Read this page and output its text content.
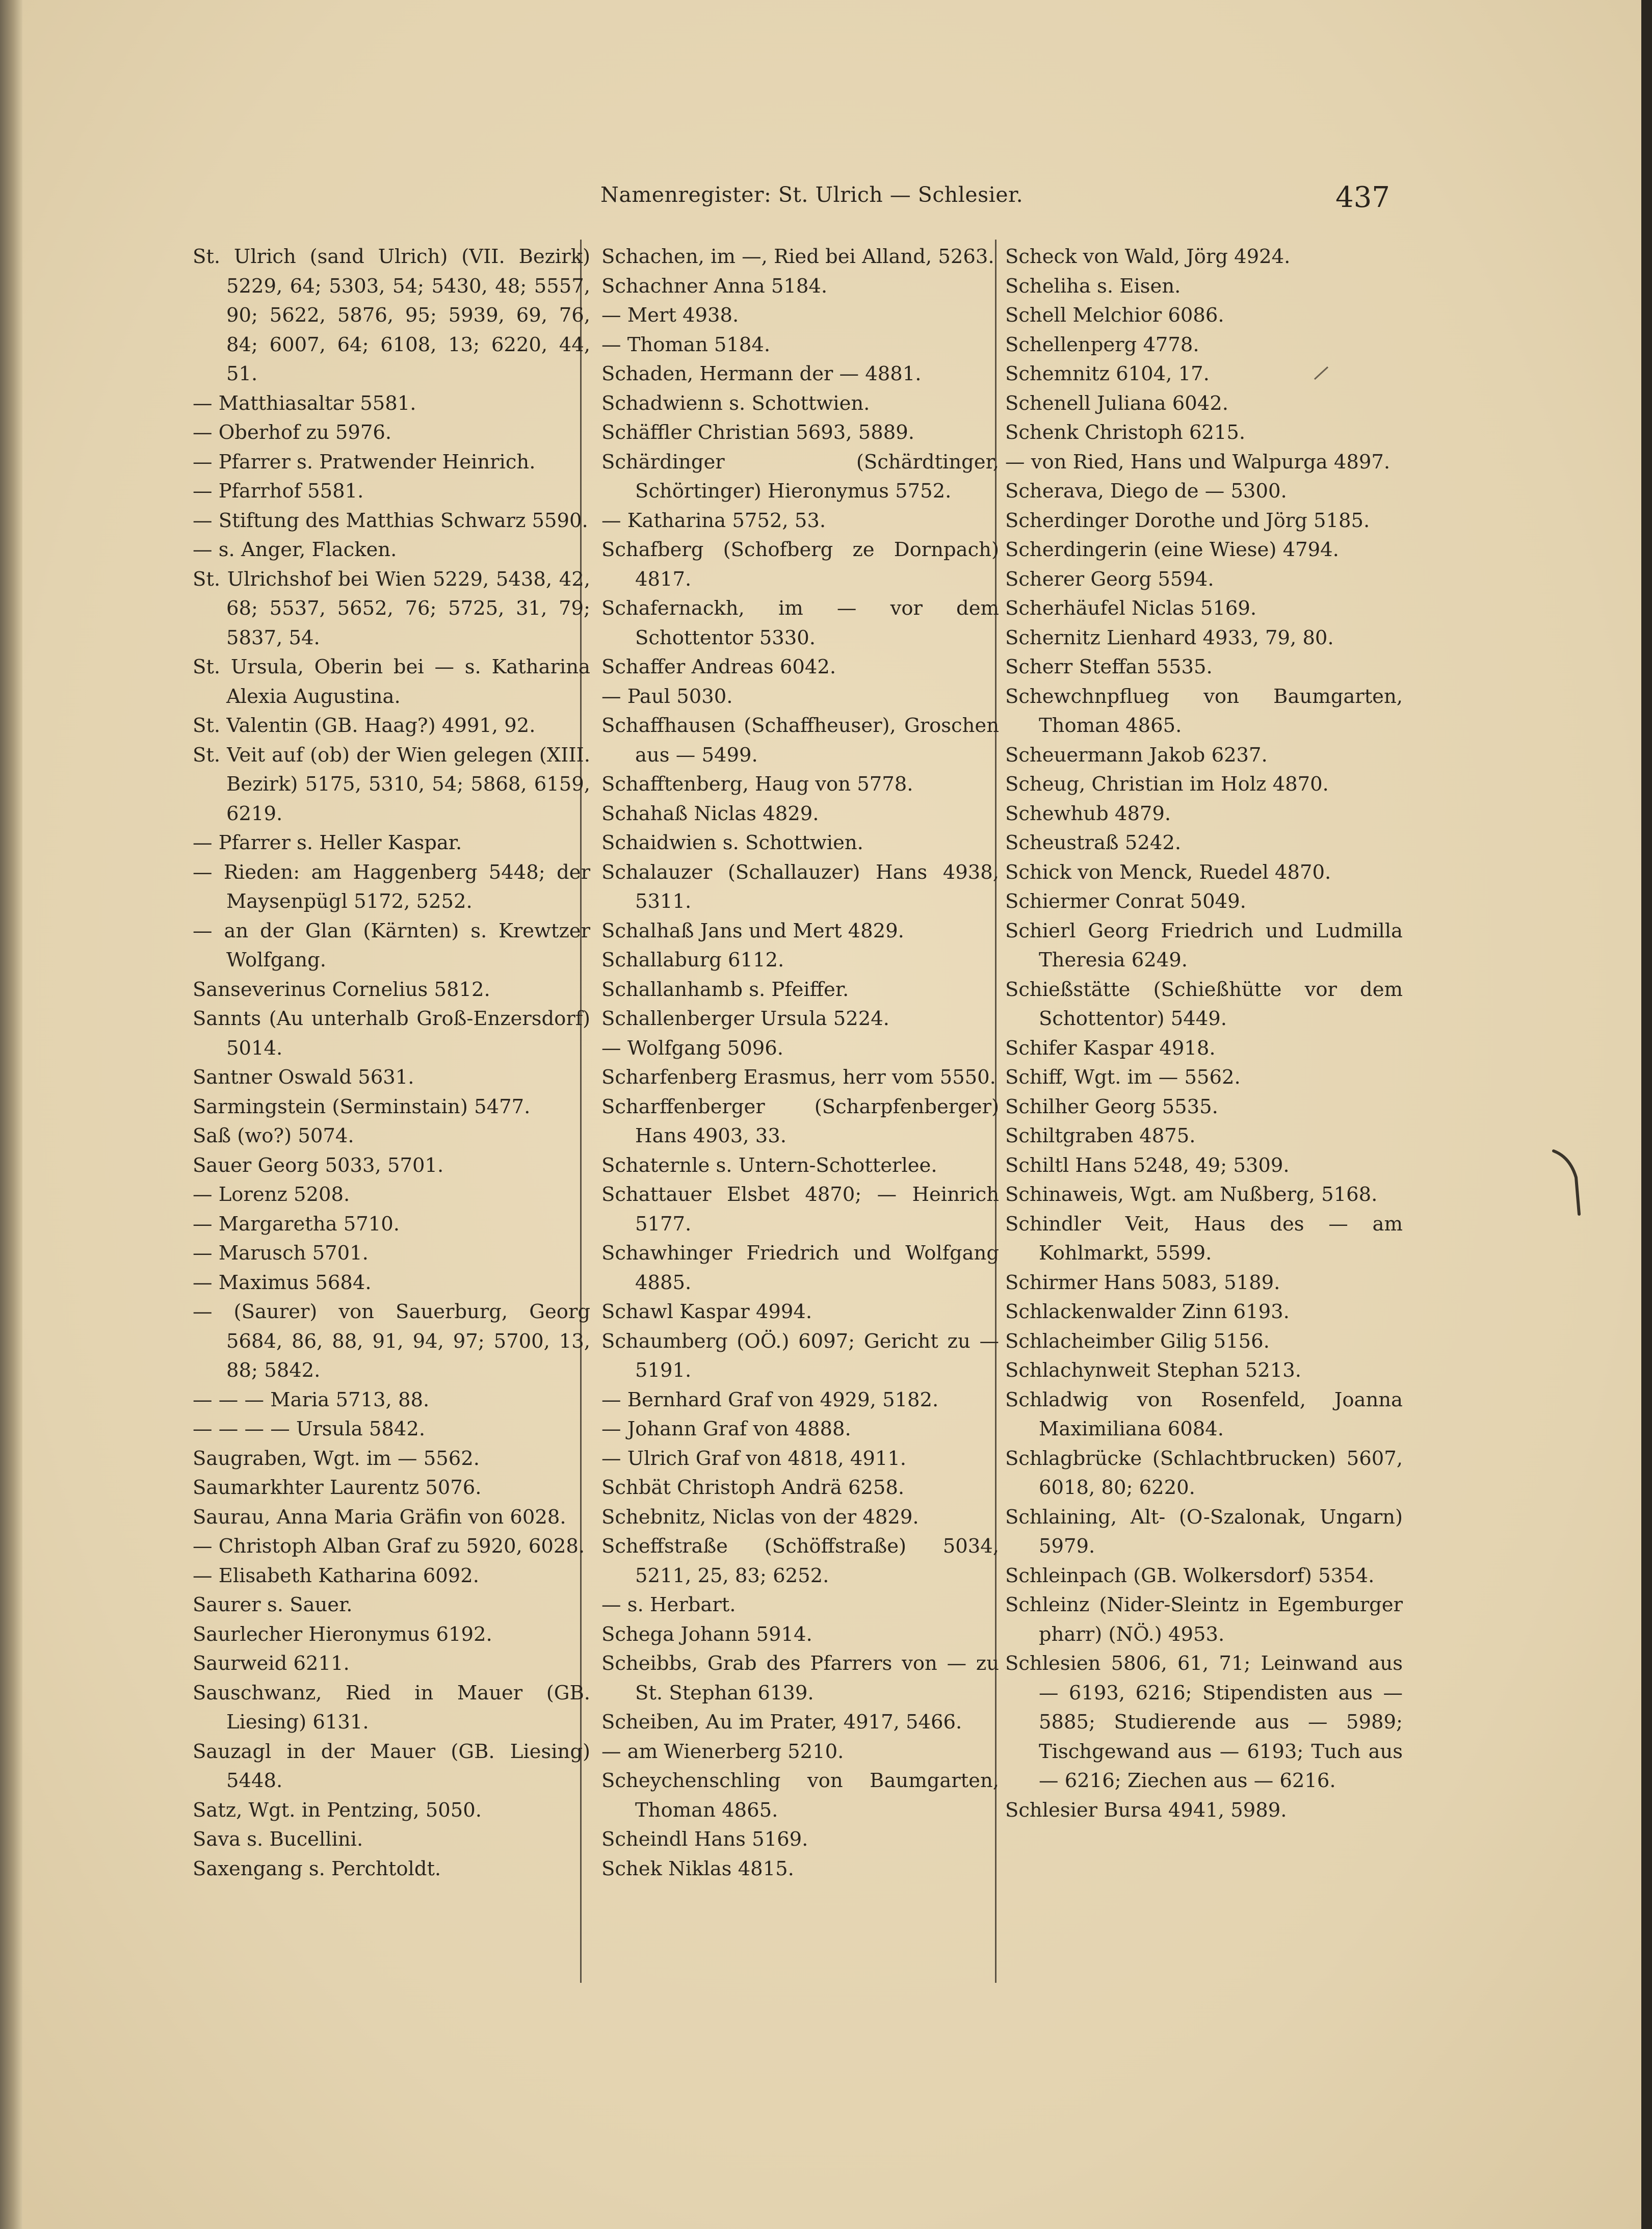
Namenregister: St. Ulrich — Schlesier.	437

St. Ulrich (sand Ulrich) (VII. Bezirk) 5229, 64; 5303, 54; 5430, 48; 5557, 90; 5622, 5876, 95; 5939, 69, 76, 84; 6007, 64; 6108, 13; 6220, 44, 51.

— Matthiasaltar 5581.

— Oberhof zu 5976.

— Pfarrer s. Pratwender Heinrich.

— Pfarrhof 5581.

— Stiftung des Matthias Schwarz 5590.

— s. Anger, Flacken.

St. Ulrichshof bei Wien 5229, 5438, 42, 68; 5537, 5652, 76; 5725, 31, 79; 5837, 54.

St. Ursula, Oberin bei — s. Katharina Alexia Augustina.

St. Valentin (GB. Haag?) 4991, 92.

St. Veit auf (ob) der Wien gelegen (XIII. Bezirk) 5175, 5310, 54; 5868, 6159, 6219.

— Pfarrer s. Heller Kaspar.

— Rieden: am Haggenberg 5448; der Maysenpügl 5172, 5252.

— an der Glan (Kärnten) s. Krewtzer Wolfgang.

Sanseverinus Cornelius 5812.

Sannts (Au unterhalb Groß-Enzersdorf) 5014.

Santner Oswald 5631.

Sarmingstein (Serminstain) 5477.

Saß (wo?) 5074.

Sauer Georg 5033, 5701.

— Lorenz 5208.

— Margaretha 5710.

— Marusch 5701.

— Maximus 5684.

— (Saurer) von Sauerburg, Georg 5684, 86, 88, 91, 94, 97; 5700, 13, 88; 5842.

— — — Maria 5713, 88.

— — — — Ursula 5842.

Saugraben, Wgt. im — 5562.

Saumarkhter Laurentz 5076.

Saurau, Anna Maria Gräfin von 6028.

— Christoph Alban Graf zu 5920, 6028.

— Elisabeth Katharina 6092.

Saurer s. Sauer.

Saurlecher Hieronymus 6192.

Saurweid 6211.

Sauschwanz, Ried in Mauer (GB. Liesing) 6131.

Sauzagl in der Mauer (GB. Liesing) 5448.

Satz, Wgt. in Pentzing, 5050.

Sava s. Bucellini.

Saxengang s. Perchtoldt.

Schachen, im —, Ried bei Alland, 5263.

Schachner Anna 5184.

— Mert 4938.

— Thoman 5184.

Schaden, Hermann der — 4881.

Schadwienn s. Schottwien.

Schäffler Christian 5693, 5889.

Schärdinger (Schärdtinger, Schörtinger) Hieronymus 5752.

— Katharina 5752, 53.

Schafberg (Schofberg ze Dornpach) 4817.

Schafernackh, im — vor dem Schottentor 5330.

Schaffer Andreas 6042.

— Paul 5030.

Schaffhausen (Schaffheuser), Groschen aus — 5499.

Schafftenberg, Haug von 5778.

Schahaß Niclas 4829.

Schaidwien s. Schottwien.

Schalauzer (Schallauzer) Hans 4938, 5311.

Schalhaß Jans und Mert 4829.

Schallaburg 6112.

Schallanhamb s. Pfeiffer.

Schallenberger Ursula 5224.

— Wolfgang 5096.

Scharfenberg Erasmus, herr vom 5550.

Scharffenberger (Scharpfenberger) Hans 4903, 33.

Schaternle s. Untern-Schotterlee.

Schattauer Elsbet 4870; — Heinrich 5177.

Schawhinger Friedrich und Wolfgang 4885.

Schawl Kaspar 4994.

Schaumberg (OÖ.) 6097; Gericht zu — 5191.

— Bernhard Graf von 4929, 5182.

— Johann Graf von 4888.

— Ulrich Graf von 4818, 4911.

Schbät Christoph Andrä 6258.

Schebnitz, Niclas von der 4829.

Scheffstraße (Schöffstraße) 5034, 5211, 25, 83; 6252.

— s. Herbart.

Schega Johann 5914.

Scheibbs, Grab des Pfarrers von — zu St. Stephan 6139.

Scheiben, Au im Prater, 4917, 5466.

— am Wienerberg 5210.

Scheychenschling von Baumgarten, Thoman 4865.

Scheindl Hans 5169.

Schek Niklas 4815.

Scheck von Wald, Jörg 4924.

Scheliha s. Eisen.

Schell Melchior 6086.

Schellenperg 4778.

Schemnitz 6104, 17.

Schenell Juliana 6042.

Schenk Christoph 6215.

— von Ried, Hans und Walpurga 4897.

Scherava, Diego de — 5300.

Scherdinger Dorothe und Jörg 5185.

Scherdingerin (eine Wiese) 4794.

Scherer Georg 5594.

Scherhäufel Niclas 5169.

Schernitz Lienhard 4933, 79, 80.

Scherr Steffan 5535.

Schewchnpflueg von Baumgarten, Thoman 4865.

Scheuermann Jakob 6237.

Scheug, Christian im Holz 4870.

Schewhub 4879.

Scheustraß 5242.

Schick von Menck, Ruedel 4870.

Schiermer Conrat 5049.

Schierl Georg Friedrich und Ludmilla Theresia 6249.

Schießstätte (Schießhütte vor dem Schottentor) 5449.

Schifer Kaspar 4918.

Schiff, Wgt. im — 5562.

Schilher Georg 5535.

Schiltgraben 4875.

Schiltl Hans 5248, 49; 5309.

Schinaweis, Wgt. am Nußberg, 5168.

Schindler Veit, Haus des — am Kohlmarkt, 5599.

Schirmer Hans 5083, 5189.

Schlackenwalder Zinn 6193.

Schlacheimber Gilig 5156.

Schlachynweit Stephan 5213.

Schladwig von Rosenfeld, Joanna Maximiliana 6084.

Schlagbrücke (Schlachtbrucken) 5607, 6018, 80; 6220.

Schlaining, Alt- (O-Szalonak, Ungarn) 5979.

Schleinpach (GB. Wolkersdorf) 5354.

Schleinz (Nider-Sleintz in Egemburger pharr) (NÖ.) 4953.

Schlesien 5806, 61, 71; Leinwand aus — 6193, 6216; Stipendisten aus — 5885; Studierende aus — 5989; Tischgewand aus — 6193; Tuch aus — 6216; Ziechen aus — 6216.

Schlesier Bursa 4941, 5989.
